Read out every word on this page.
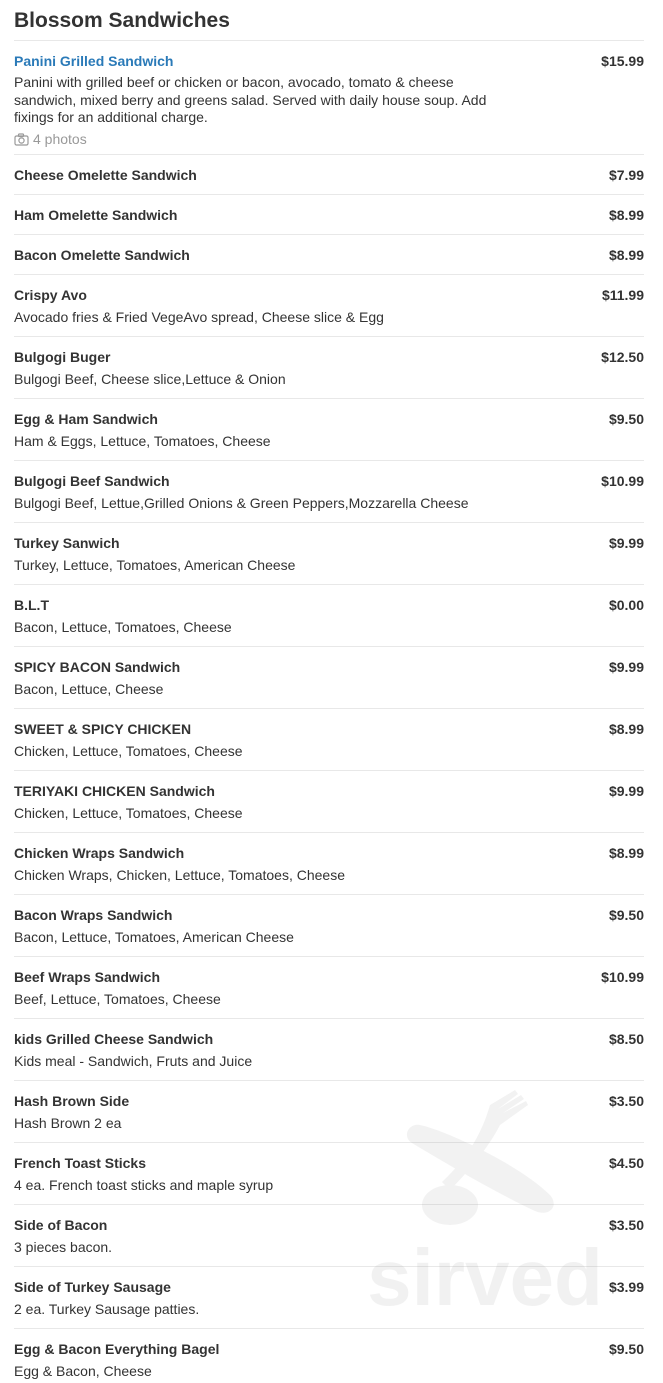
Blossom Sandwiches
Panini Grilled Sandwich	$15.99
Panini with grilled beef or chicken or bacon, avocado, tomato & cheese sandwich, mixed berry and greens salad. Served with daily house soup. Add fixings for an additional charge.
4 photos
Cheese Omelette Sandwich	$7.99
Ham Omelette Sandwich	$8.99
Bacon Omelette Sandwich	$8.99
Crispy Avo	$11.99
Avocado fries & Fried VegeAvo spread, Cheese slice & Egg
Bulgogi Buger	$12.50
Bulgogi Beef, Cheese slice,Lettuce & Onion
Egg & Ham Sandwich	$9.50
Ham & Eggs, Lettuce, Tomatoes, Cheese
Bulgogi Beef Sandwich	$10.99
Bulgogi Beef, Lettue,Grilled Onions & Green Peppers,Mozzarella Cheese
Turkey Sanwich	$9.99
Turkey, Lettuce, Tomatoes, American Cheese
B.L.T	$0.00
Bacon, Lettuce, Tomatoes, Cheese
SPICY BACON Sandwich	$9.99
Bacon, Lettuce, Cheese
SWEET & SPICY CHICKEN	$8.99
Chicken, Lettuce, Tomatoes, Cheese
TERIYAKI CHICKEN Sandwich	$9.99
Chicken, Lettuce, Tomatoes, Cheese
Chicken Wraps Sandwich	$8.99
Chicken Wraps, Chicken, Lettuce, Tomatoes, Cheese
Bacon Wraps Sandwich	$9.50
Bacon, Lettuce, Tomatoes, American Cheese
Beef Wraps Sandwich	$10.99
Beef, Lettuce, Tomatoes, Cheese
kids Grilled Cheese Sandwich	$8.50
Kids meal - Sandwich, Fruts and Juice
Hash Brown Side	$3.50
Hash Brown 2 ea
French Toast Sticks	$4.50
4 ea. French toast sticks and maple syrup
Side of Bacon	$3.50
3 pieces bacon.
Side of Turkey Sausage	$3.99
2 ea. Turkey Sausage patties.
Egg & Bacon Everything Bagel	$9.50
Egg & Bacon, Cheese
sirved
